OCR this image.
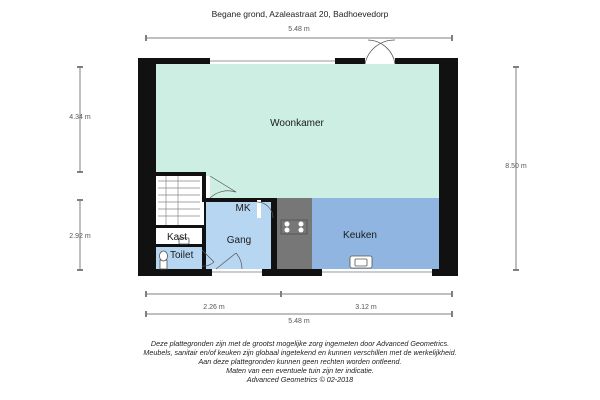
Begane grond, Azaleastraat 20, Badhoevedorp
5.48 m
4.34 m
2.92 m
8.50 m
Woonkamer
MK
Gang
Kast
Toilet
Keuken
2.26 m	3.12 m
5.48 m
Deze plattegronden zijn met de grootst mogelijke zorg ingemeten door Advanced Geometrics.
Meubels, sanitair en/of keuken zijn globaal ingetekend en kunnen verschillen met de werkelijkheid.
Aan deze plattegronden kunnen geen rechten worden ontleend.
Maten van een eventuele tuin zijn ter indicatie.
Advanced Geometrics © 02-2018
